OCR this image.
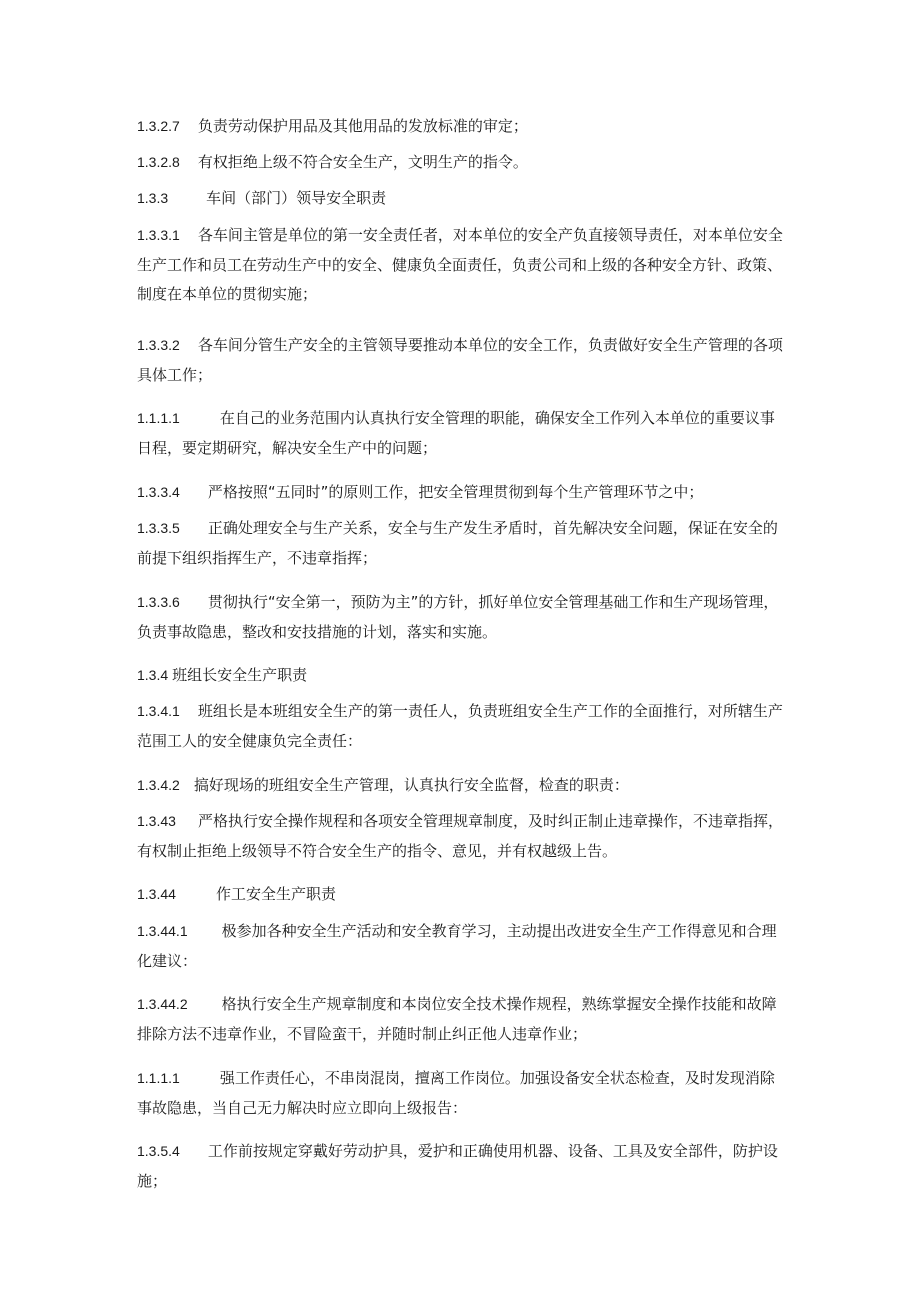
1.3.2.7 负责劳动保护用品及其他用品的发放标准的审定；

1.3.2.8 有权拒绝上级不符合安全生产，文明生产的指令。

1.3.3	车间（部门）领导安全职责

1.3.3.1 各车间主管是单位的第一安全责任者，对本单位的安全产负直接领导责任，对本单位安全生产工作和员工在劳动生产中的安全、健康负全面责任，负责公司和上级的各种安全方针、政策、制度在本单位的贯彻实施；

1.3.3.2 各车间分管生产安全的主管领导要推动本单位的安全工作，负责做好安全生产管理的各项具体工作；

1.1.1.1	在自己的业务范围内认真执行安全管理的职能，确保安全工作列入本单位的重要议事日程，要定期研究，解决安全生产中的问题；

1.3.3.4 严格按照“五同时”的原则工作，把安全管理贯彻到每个生产管理环节之中；

1.3.3.5 正确处理安全与生产关系，安全与生产发生矛盾时，首先解决安全问题，保证在安全的前提下组织指挥生产，不违章指挥；

1.3.3.6 贯彻执行“安全第一，预防为主”的方针，抓好单位安全管理基础工作和生产现场管理，负责事故隐患，整改和安技措施的计划，落实和实施。

1.3.4 班组长安全生产职责

1.3.4.1 班组长是本班组安全生产的第一责任人，负责班组安全生产工作的全面推行，对所辖生产范围工人的安全健康负完全责任：

1.3.4.2 搞好现场的班组安全生产管理，认真执行安全监督，检查的职责：

1.3.43 严格执行安全操作规程和各项安全管理规章制度，及时纠正制止违章操作，不违章指挥，有权制止拒绝上级领导不符合安全生产的指令、意见，并有权越级上告。

1.3.44	作工安全生产职责

1.3.44.1 极参加各种安全生产活动和安全教育学习，主动提出改进安全生产工作得意见和合理化建议：

1.3.44.2 格执行安全生产规章制度和本岗位安全技术操作规程，熟练掌握安全操作技能和故障排除方法不违章作业，不冒险蛮干，并随时制止纠正他人违章作业；

1.1.1.1	强工作责任心，不串岗混岗，擅离工作岗位。加强设备安全状态检查，及时发现消除事故隐患，当自己无力解决时应立即向上级报告：

1.3.5.4 工作前按规定穿戴好劳动护具，爱护和正确使用机器、设备、工具及安全部件，防护设施；
